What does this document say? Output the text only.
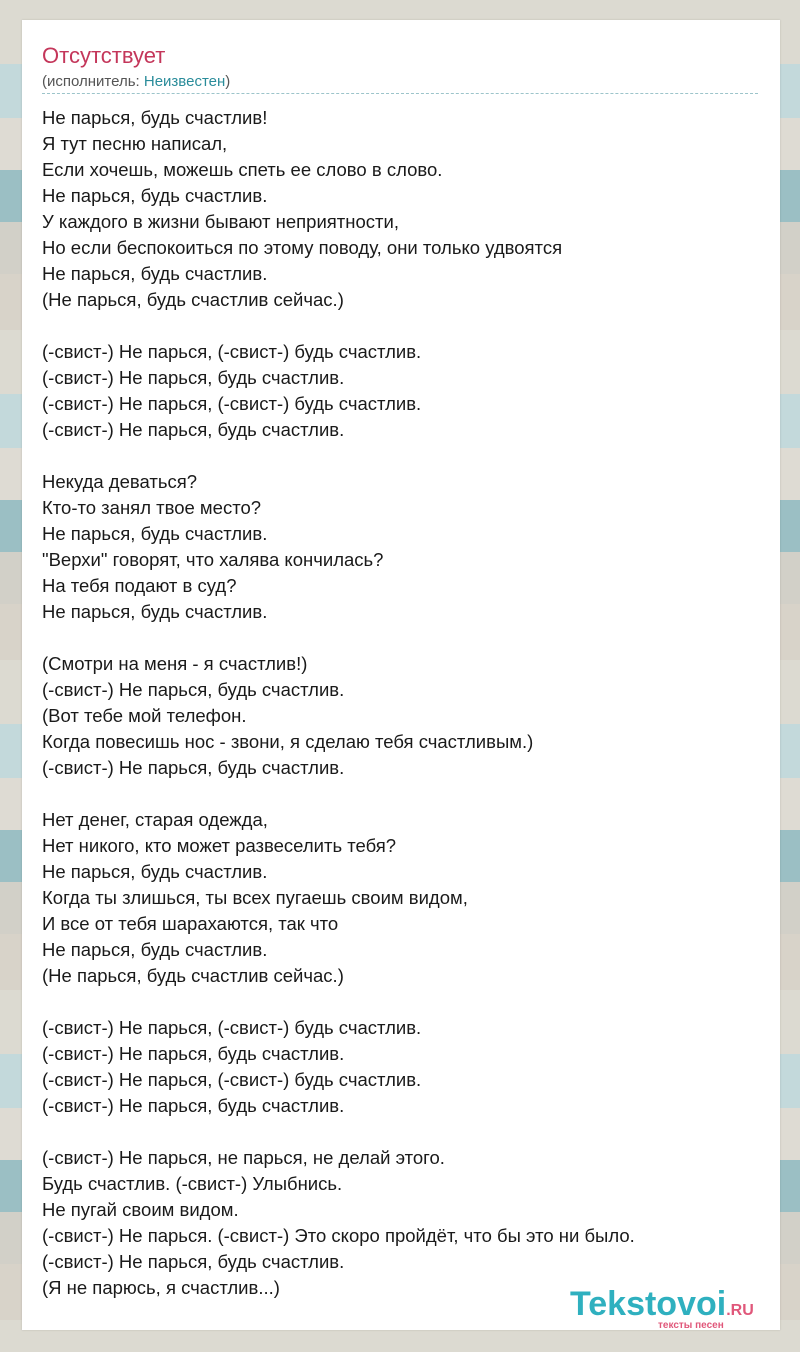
Отсутствует
(исполнитель: Неизвестен)
Не парься, будь счастлив!
Я тут песню написал,
Если хочешь, можешь спеть ее слово в слово.
Не парься, будь счастлив.
У каждого в жизни бывают неприятности,
Но если беспокоиться по этому поводу, они только удвоятся
Не парься, будь счастлив.
(Не парься, будь счастлив сейчас.)
(-свист-) Не парься, (-свист-) будь счастлив.
(-свист-) Не парься, будь счастлив.
(-свист-) Не парься, (-свист-) будь счастлив.
(-свист-) Не парься, будь счастлив.
Некуда деваться?
Кто-то занял твое место?
Не парься, будь счастлив.
"Верхи" говорят, что халява кончилась?
На тебя подают в суд?
Не парься, будь счастлив.
(Смотри на меня - я счастлив!)
(-свист-) Не парься, будь счастлив.
(Вот тебе мой телефон.
Когда повесишь нос - звони, я сделаю тебя счастливым.)
(-свист-) Не парься, будь счастлив.
Нет денег, старая одежда,
Нет никого, кто может развеселить тебя?
Не парься, будь счастлив.
Когда ты злишься, ты всех пугаешь своим видом,
И все от тебя шарахаются, так что
Не парься, будь счастлив.
(Не парься, будь счастлив сейчас.)
(-свист-) Не парься, (-свист-) будь счастлив.
(-свист-) Не парься, будь счастлив.
(-свист-) Не парься, (-свист-) будь счастлив.
(-свист-) Не парься, будь счастлив.
(-свист-) Не парься, не парься, не делай этого.
Будь счастлив. (-свист-) Улыбнись.
Не пугай своим видом.
(-свист-) Не парься. (-свист-) Это скоро пройдёт, что бы это ни было.
(-свист-) Не парься, будь счастлив.
(Я не парюсь, я счастлив...)	Tekstovoi.RU
тексты песен
